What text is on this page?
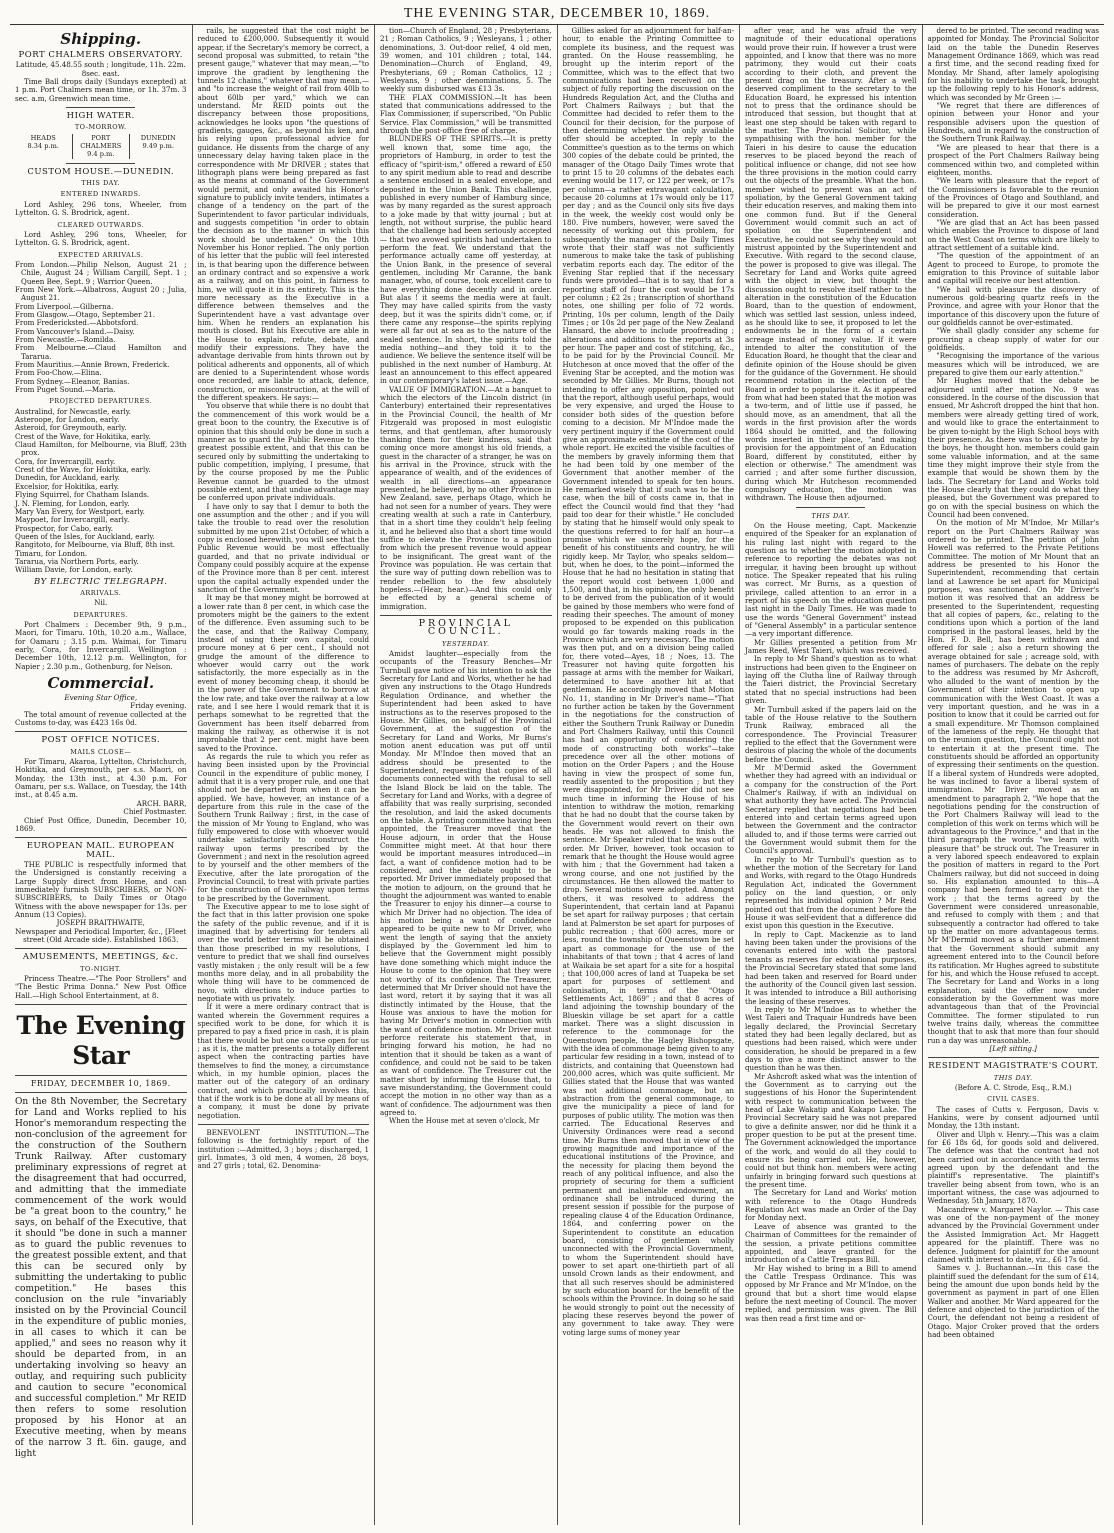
THE EVENING STAR, DECEMBER 10, 1869.
Shipping.
PORT CHALMERS OBSERVATORY.

Latitude, 45.48.55 south ; longitude, 11h. 22m. 8sec. east.

Time Ball drops daily (Sundays excepted) at 1 p.m. Port Chalmers mean time, or 1h. 37m. 3 sec. a.m, Greenwich mean time.

HIGH WATER.
TO-MORROW.
HEADS
8.34 p.m.
PORT CHALMERS
9.4 p.m.
DUNEDIN
9.49 p.m.
CUSTOM HOUSE.—DUNEDIN.
THIS DAY.
ENTERED INWARDS.

Lord Ashley, 296 tons, Wheeler, from Lyttelton. G. S. Brodrick, agent.

CLEARED OUTWARDS.

Lord Ashley, 296 tons, Wheeler, for Lyttelton. G. S. Brodrick, agent.

EXPECTED ARRIVALS.

From London.—Philip Nelson, August 21 ; Chile, August 24 ; William Cargill, Sept. 1 ; Queen Bee, Sept. 9 ; Warrior Queen.

From New York.—Albatross, August 20 ; Julia, August 21.

From Liverpool.—Gilberna.

From Glasgow.—Otago, September 21.

From Fredericksted.—Abbotsford.

From Vancouver's Island.—Daisy.

From Newcastle.—Romilda.

From Melbourne.—Claud Hamilton and Tararua.

From Mauritius.—Annie Brown, Frederick.

From Foo-Chow.—Elina.

From Sydney.—Eleanor, Banias.

From Puget Sound.—Maria.

PROJECTED DEPARTURES.

Australind, for Newcastle, early.

Asteroope, for London, early.

Asteroid, for Greymouth, early.

Crest of the Wave, for Hokitika, early.

Claud Hamilton, for Melbourne, via Bluff, 23th prox.

Cora, for Invercargill, early.

Crest of the Wave, for Hokitika, early.

Dunedin, for Auckland, early.

Excelsior, for Hokitika, early.

Flying Squirrel, for Chatham Islands.

J. N. Fleming, for London, early.

Mary Van Every, for Westport, early.

Maypoet, for Invercargill, early.

Prospector, for Cabo, early.

Queen of the Isles, for Auckland, early.

Rangitoto, for Melbourne, via Bluff, 8th inst.

Timaru, for London.

Tararua, via Northern Ports, early.

William Davie, for London, early.

BY ELECTRIC TELEGRAPH.
ARRIVALS.

Nil.

DEPARTURES.

Port Chalmers : December 9th, 9 p.m., Maori, for Timaru. 10th, 10.20 a.m., Wallace, for Oamaru ; 3.15 p.m. Waimai, for Timaru early, Cora, for Invercargill. Wellington : December 10th, 12.12 p.m. Wellington, for Napier ; 2.30 p.m., Gothenburg, for Nelson.

Commercial.

Evening Star Office,

Friday evening.

The total amount of revenue collected at the Customs to-day, was £423 16s 0d.

POST OFFICE NOTICES.
MAILS CLOSE—

For Timaru, Akaroa, Lyttelton, Christchurch, Hokitika, and Greymouth, per s.s. Maori, on Monday, the 13th inst., at 4.30 p.m. For Oamaru, per s.s. Wallace, on Tuesday, the 14th inst., at 8.45 a.m.

ARCH. BARR,

Chief Postmaster.

Chief Post Office, Dunedin, December 10, 1869.

EUROPEAN MAIL. EUROPEAN MAIL.

THE PUBLIC is respectfully informed that the Undersigned is constantly receiving a Large Supply direct from Home, and can immediately furnish SUBSCRIBERS, or NON-SUBSCRIBERS, to Daily Times or Otago Witness with the above newspaper for 13s. per Annum (13 Copies).

JOSEPH BRAITHWAITE,

Newspaper and Periodical Importer, &c., [Fleet street (Old Arcade side). Established 1863.

AMUSEMENTS, MEETINGS, &c.
TO-NIGHT.

Princess Theatre.—"The Poor Strollers" and "The Bestic Prima Donna." New Post Office Hall.—High School Entertainment, at 8.

The Evening Star
FRIDAY, DECEMBER 10, 1869.

On the 8th November, the Secretary for Land and Works replied to his Honor's memorandum respecting the non-conclusion of the agreement for the construction of the Southern Trunk Railway. After customary preliminary expressions of regret at the disagreement that had occurred, and admitting that the immediate commencement of the work would be "a great boon to the country," he says, on behalf of the Executive, that it should "be done in such a manner as to guard the public revenues to the greatest possible extent, and that this can be secured only by submitting the undertaking to public competition." He bases this conclusion on the rule "invariably insisted on by the Provincial Council in the expenditure of public monies, in all cases to which it can be applied," and sees no reason why it should be departed from, in an undertaking involving so heavy an outlay, and requiring such publicity and caution to secure "economical and successful completion." Mr REID then refers to some resolution proposed by his Honor at an Executive meeting, when by means of the narrow 3 ft. 6in. gauge, and light

rails, he suggested that the cost might be reduced to £200,000. Subsequently it would appear, if the Secretary's memory be correct, a second proposal was submitted, to retain "the present gauge," whatever that may mean,—"to improve the gradient by lengthening the tunnels 12 chains," whatever that may mean,—and "to increase the weight of rail from 40lb to about 60lb per yard," which we can understand. Mr REID points out the discrepancy between those propositions, acknowledges he looks upon "the questions of gradients, gauges, &c., as beyond his ken, and his relying upon professional advice for guidance. He dissents from the charge of any unnecessary delay having taken place in the correspondence with Mr DRIVER ; states that lithograph plans were being prepared as fast as the means at command of the Government would permit, and only awaited his Honor's signature to publicly invite tenders, intimates a change of a tendency on the part of the Superintendent to favor particular individuals, and suggests competition "in order to obtain the decision as to the manner in which this work should be undertaken." On the 10th November his Honor replied. The only portion of his letter that the public will feel interested in, is that bearing upon the difference between an ordinary contract and so expensive a work as a railway, and on this point, in fairness to him, we will quote it in its entirety. This is the more necessary as the Executive in a difference between themselves and the Superintendent have a vast advantage over him. When he renders an explanation his mouth is closed. But his Executive are able in the House to explain, refute, debate, and modify their expressions. They have the advantage derivable from hints thrown out by political adherents and opponents, all of which are denied to a Superintendent whose words once recorded, are liable to attack, defence, construction, or misconstruction, at the will of the different speakers. He says:—

You observe that while there is no doubt that the commencement of this work would be a great boon to the country, the Executive is of opinion that this should only be done in such a manner as to guard the Public Revenue to the greatest possible extent, and that this can be secured only by submitting the undertaking to public competition, implying, I presume, that by the course proposed by me the Public Revenue cannot be guarded to the utmost possible extent, and that undue advantage may be conferred upon private individuals.

I have only to say that I demur to both the one assumption and the other ; and if you will take the trouble to read over the resolution submitted by me upon 21st October, of which a copy is enclosed herewith, you will see that the Public Revenue would be most effectually guarded, and that no private individual or Company could possibly acquire at the expense of the Province more than 8 per cent. interest upon the capital actually expended under the sanction of the Government.

It may be that money might be borrowed at a lower rate than 8 per cent, in which case the promoters might be the gainers to the extent of the difference. Even assuming such to be the case, and that the Railway Company, instead of using their own capital, could procure money at 6 per cent., I should not grudge the amount of the difference to whoever would carry out the work satisfactorily, the more especially as in the event of money becoming cheap, it should be in the power of the Government to borrow at the low rate, and take over the railway at a low rate, and I see here I would remark that it is perhaps somewhat to be regretted that the Government has been itself debarred from making the railway, as otherwise it is not improbable that 2 per cent. might have been saved to the Province.

As regards the rule to which you refer as having been insisted upon by the Provincial Council in the expenditure of public money, I admit that it is a very proper rule, and one that should not be departed from when it can be applied. We have, however, an instance of a departure from this rule in the case of the Southern Trunk Railway ; first, in the case of the mission of Mr Young to England, who was fully empowered to close with whoever would undertake satisfactorily to construct the railway upon terms prescribed by the Government ; and next in the resolution agreed to by yourself and the other members of the Executive, after the late prorogation of the Provincial Council, to treat with private parties for the construction of the railway upon terms to be prescribed by the Government.

The Executive appear to me to lose sight of the fact that in this latter provision one spoke the safety of the public revenue, and if it is imagined that by advertising for tenders all over the world better terms will be obtained than those prescribed in my resolutions, I venture to predict that we shall find ourselves vastly mistaken ; the only result will be a few months more delay, and in all probability the whole thing will have to be commenced de novo, with directions to induce parties to negotiate with us privately.

If it were a mere ordinary contract that is wanted wherein the Government requires a specified work to be done, for which it is prepared to pay a fixed price in cash, it is plain that there would be but one course open for us ; as it is, the matter presents a totally different aspect when the contracting parties have themselves to find the money, a circumstance which, in my humble opinion, places the matter out of the category of an ordinary contract, and which practically involves this, that if the work is to be done at all by means of a company, it must be done by private negotiation.

BENEVOLENT INSTITUTION.—The following is the fortnightly report of the institution :—Admitted, 3 ; boys ; discharged, 1 girl. Inmates, 3 old men, 4 women, 28 boys, and 27 girls ; total, 62. Denomina-

tion—Church of England, 28 ; Presbyterians, 21 ; Roman Catholics, 9 ; Wesleyans, 1 ; other denominations, 3. Out-door relief, 4 old men, 39 women, and 101 children ; total, 144. Denomination—Church of England, 49, Presbyterians, 69 ; Roman Catholics, 12 ; Wesleyans, 9 ; other denominations, 5. The weekly sum disbursed was £13 3s.

THE FLAX COMMISSION.—It has been stated that communications addressed to the Flax Commissioner, if superscribed, "On Public Service. Flax Commission," will be transmitted through the post-office free of charge.

BLUNDERS OF THE SPIRITS.—It is pretty well known that, some time ago, the proprietors of Hamburg, in order to test the efficacy of "spirit-ism," offered a reward of £50 to any spirit medium able to read and describe a sentence enclosed in a sealed envelope, and deposited in the Union Bank. This challenge, published in every number of Hamburg since, was by many regarded as the surest approach to a joke made by that witty journal ; but at length, not without surprise, the public heard that the challenge had been seriously accepted — that two avowed spiritists had undertaken to perform the feat. We understand that the performance actually came off yesterday, at the Union Bank, in the presence of several gentlemen, including Mr Caranne, the bank manager, who, of course, took excellent care to have everything done decently and in order. But alas ! it seems the media were at fault. They may have called spirits from the vasty deep, but it was the spirits didn't come, or, if there came any response—the spirits replying were all far out at sea as to the nature of the sealed sentence. In short, the spirits told the media nothing—and they told it to the audience. We believe the sentence itself will be published in the next number of Hamburg. At least an announcement to this effect appeared in our contemporary's latest issue.—Age.

VALUE OF IMMIGRATION.—At a banquet to which the electors of the Lincoln district (in Canterbury) entertained their representatives in the Provincial Council, the health of Mr Fitzgerald was proposed in most eulogistic terms, and that gentleman, after humorously thanking them for their kindness, said that coming once more amongst his old friends, a guest in the character of a stranger, he was on his arrival in the Province, struck with the appearance of wealth, and of the evidences of wealth in all directions—an appearance presented, he believed, by no other Province in New Zealand, save, perhaps Otago, which he had not seen for a number of years. They were creating wealth at such a rate in Canterbury, that in a short time they couldn't help feeling it, and he believed also that a short time would suffice to elevate the Province to a position from which the present revenue would appear to be insignificant. The great want of the Province was population. He was certain that the sure way of putting down rebellion was to render rebellion to the few absolutely hopeless.—(Hear, hear.)—And this could only be effected by a general scheme of immigration.

PROVINCIAL COUNCIL.
YESTERDAY.

Amidst laughter—especially from the occupants of the Treasury Benches—Mr Turnbull gave notice of his intention to ask the Secretary for Land and Works, whether he had given any instructions to the Otago Hundreds Regulation Ordinance, and whether the Superintendent had been asked to have instructions as to the reserves proposed to the House. Mr Gillies, on behalf of the Provincial Government, at the suggestion of the Secretary for Land and Works, Mr Burns's motion anent education was put off until Monday. Mr M'Indoe then moved that an address should be presented to the Superintendent, requesting that copies of all documents connected with the refusal to sell the Island Block be laid on the table. The Secretary for Land and Works, with a degree of affability that was really surprising, seconded the resolution, and laid the asked documents on the table. A printing committee having been appointed, the Treasurer moved that the House adjourn, in order that the House Committee might meet. At that hour there would be important measures introduced—in fact, a want of confidence motion had to be considered, and the debate ought to be reported. Mr Driver immediately proposed that the motion to adjourn, on the ground that he thought the adjournment was wanted to enable the Treasurer to enjoy his dinner—a course to which Mr Driver had no objection. The idea of his motion being a want of confidence appeared to be quite new to Mr Driver, who went the length of saying that the anxiety displayed by the Government led him to believe that the Government might possibly have done something which might induce the House to come to the opinion that they were not worthy of its confidence. The Treasurer, determined that Mr Driver should not have the last word, retort it by saying that it was all distinctly intimated by the House, that the House was anxious to have the motion for having Mr Driver's motion in connection with the want of confidence motion. Mr Driver must perforce reiterate his statement that, in bringing forward his motion, he had no intention that it should be taken as a want of confidence, and could not be said to be taken as want of confidence. The Treasurer cut the matter short by informing the House that, to save misunderstanding, the Government could accept the motion in no other way than as a want of confidence. The adjournment was then agreed to.

When the House met at seven o'clock, Mr

Gillies asked for an adjournment for half-an-hour, to enable the Printing Committee to complete its business, and the request was granted. On the House reassembling, he brought up the interim report of the Committee, which was to the effect that two communications had been received on the subject of fully reporting the discussion on the Hundreds Regulation Act, and the Clutha and Port Chalmers Railways ; but that the Committee had decided to refer them to the Council for their decision, for the purpose of then determining whether the only available offer should be accepted. In reply to the Committee's question as to the terms on which 300 copies of the debate could be printed, the manager of the Otago Daily Times wrote that to print 15 to 20 columns of the debates each evening would be 117, or 122 per week, or 17s per column—a rather extravagant calculation, because 20 columns at 17s would only be 117 per day ; and as the Council only sits five days in the week, the weekly cost would only be 180. Five numbers, however, were saved the necessity of working out this problem, for subsequently the manager of the Daily Times wrote that their staff was not sufficiently numerous to make take the task of publishing verbatim reports each day. The editor of the Evening Star replied that if the necessary funds were provided—that is to say, that for a reporting staff of four the cost would be 17s per column ; £2 2s ; transcription of shorthand notes, one shilling per folio of 72 words. Printing, 10s per column, length of the Daily Times ; or 10s 2d per page of the New Zealand Hansard, the above to include proofreading ; alterations and additions to the reports at 3s per hour. The paper and cost of stitching, &c., to be paid for by the Provincial Council. Mr Hutcheson at once moved that the offer of the Evening Star be accepted, and the motion was seconded by Mr Gillies. Mr Burns, though not intending to offer any opposition, pointed out that the report, although useful perhaps, would be very expensive, and urged the House to consider both sides of the question before coming to a decision. Mr M'Indoe made the very pertinent inquiry if the Government could give an approximate estimate of the cost of the whole report. He excited the visible faculties of the members by gravely informing them that he had been told by one member of the Government that another member of the Government intended to speak for ten hours. He remarked wisely that if such was to be the case, when the bill of costs came in, that in effect the Council would find that they "had paid too dear for their whistle." He concluded by stating that he himself would only speak to the questions referred to for half an hour—a promise which we sincerely hope, for the benefit of his constituents and country, he will rigidly keep. Mr Taylor, who speaks seldom—but, when he does, to the point—informed the House that he had no hesitation in stating that the report would cost between 1,000 and 1,500, and that, in his opinion, the only benefit to be derived from the publication of it would be gained by those members who were fond of reading their speeches. The amount of money proposed to be expended on this publication would go far towards making roads in the Province which are very necessary. The motion was then put, and on a division being called for, there voted—Ayes, 18 ; Noes, 13. The Treasurer not having quite forgotten his passage at arms with the member for Waikari, determined to have another hit at that gentleman. He accordingly moved that Motion No. 11, standing in Mr Driver's name—"That no further action be taken by the Government in the negotiations for the construction of either the Southern Trunk Railway or Dunedin and Port Chalmers Railway, until this Council has had an opportunity of considering the mode of constructing both works"—take precedence over all the other motions of motion on the Order Papers ; and the House having in view the prospect of some fun, readily assented to the proposition ; but they were disappointed, for Mr Driver did not see much time in informing the House of his intention to withdraw the motion, remarking that he had no doubt that the course taken by the Government would revert on their own heads. He was not allowed to finish the sentence. Mr Speaker ruled that he was out of order. Mr Driver, however, took occasion to remark that he thought the House would agree with him ; that the Government had taken a wrong course, and one not justified by the circumstances. He then allowed the matter to drop. Several motions were adopted. Amongst others, it was resolved to address the Superintendent, that certain land at Papanui be set apart for railway purposes ; that certain land at Palmerston be set apart for purposes of public recreation ; that 600 acres, more or less, round the township of Queenstown be set apart as commonage for the use of the inhabitants of that town ; that 4 acres of land at Waikaia be set apart for a site for a hospital ; that 100,000 acres of land at Tuapeka be set apart for purposes of settlement and colonisation, in terms of the "Otago Settlements Act, 1869" ; and that 8 acres of land adjoining the township boundary of the Blueskin village be set apart for a cattle market. There was a slight discussion in reference to the commonage for the Queenstown people, the Hagley Bishopsgate, with the idea of commonage being given to any particular few residing in a town, instead of to districts, and containing that Queenstown had 200,000 acres, which was quite sufficient. Mr Gillies stated that the House that was wanted was not additional commonage, but an abstraction from the general commonage, to give the municipality a piece of land for purposes of public utility. The motion was then carried. The Educational Reserves and University Ordinances were read a second time. Mr Burns then moved that in view of the growing magnitude and importance of the educational institutions of the Province, and the necessity for placing them beyond the reach of any political influence, and also the propriety of securing for them a sufficient permanent and inalienable endowment, an ordinance shall be introduced during the present session if possible for the purpose of repealing clause 4 of the Education Ordinance, 1864, and conferring power on the Superintendent to constitute an education board, consisting of gentlemen wholly unconnected with the Provincial Government, to whom the Superintendent should have power to set apart one-thirtieth part of all unsold Crown lands as their endowment, and that all such reserves should be administered by such education board for the benefit of the schools within the Province. In doing so he said he would strongly to point out the necessity of placing these reserves beyond the power of any government to take away. They were voting large sums of money year

after year, and he was afraid the very magnitude of their educational operations would prove their ruin. If however a trust were appointed, and I know that there was no more patrimony, they would cut their coats according to their cloth, and prevent the present drag on the treasury. After a well deserved compliment to the secretary to the Education Board, he expressed his intention not to press that the ordinance should be introduced that session, but thought that at least one step should be taken with regard to the matter. The Provincial Solicitor, while sympathising with the hon. member for the Taieri in his desire to cause the education reserves to be placed beyond the reach of political influence or change, did not see how the three provisions in the motion could carry out the objects of the preamble. What the hon. member wished to prevent was an act of spoliation, by the General Government taking their education reserves, and making them into one common fund. But if the General Government would commit such an act of spoliation on the Superintendent and Executive, he could not see why they would not mistrust appointed by the Superintendent and Executive. With regard to the second clause, the power is proposed to give was illegal. The Secretary for Land and Works quite agreed with the object in view, but thought the discussion ought to resolve itself rather to the alteration in the constitution of the Education Board, than to the question of endowment, which was settled last session, unless indeed, as he should like to see, it proposed to let the endowments be in the form of a certain acreage instead of money value. If it were intended to alter the constitution of the Education Board, he thought that the clear and definite opinion of the House should be given for the guidance of the Government. He should recommend rotation in the election of the Board in order to popularise it. As it appeared from what had been stated that the motion was a two-term, and of little use if passed, he should move, as an amendment, that all the words in the first provision after the words 1864 should be omitted, and the following words inserted in their place, "and making provision for the appointment of an Education Board, different by constituted, either by election or otherwise." The amendment was carried ; and after some further discussion, during which Mr Hutcheson recommended compulsory education, the motion was withdrawn. The House then adjourned.

THIS DAY.

On the House meeting, Capt. Mackenzie enquired of the Speaker for an explanation of his ruling last night with regard to the question as to whether the motion adopted in reference to reporting the debates was not irregular, it having been brought up without notice. The Speaker repeated that his ruling was correct. Mr Burns, as a question of privilege, called attention to an error in a report of his speech on the education question last night in the Daily Times. He was made to use the words "General Government" instead of "General Assembly" in a particular sentence—a very important difference.

Mr Gillies presented a petition from Mr James Reed, West Taieri, which was received.

In reply to Mr Shand's question as to what instructions had been given to the Engineer on laying off the Clutha line of Railway through the Taieri district, the Provincial Secretary stated that no special instructions had been given.

Mr Turnbull asked if the papers laid on the table of the House relative to the Southern Trunk Railway, embraced all the correspondence. The Provincial Treasurer replied to the effect that the Government were desirous of placing the whole of the documents before the Council.

Mr M'Dermid asked the Government whether they had agreed with an individual or a company for the construction of the Port Chalmer's Railway, if with an individual on what authority they have acted. The Provincial Secretary replied that negotiations had been entered into and certain terms agreed upon between the Government and the contractor alluded to, and if those terms were carried out the Government would submit them for the Council's approval.

In reply to Mr Turnbull's question as to whether the motion of the Secretary for Land and Works, with regard to the Otago Hundreds Regulation Act, indicated the Government policy on the land question, or only represented his individual opinion ? Mr Reid pointed out that from the document before the House it was self-evident that a difference did exist upon this question in the Executive.

In reply to Capt. Mackenzie as to land having been taken under the provisions of the covenants entered into with the pastoral tenants as reserves for educational purposes, the Provincial Secretary stated that some land had been taken and reserved for Board under the authority of the Council given last session. It was intended to introduce a Bill authorising the leasing of these reserves.

In reply to Mr M'Indoe as to whether the West Taieri and Traquair Hundreds have been legally declared, the Provincial Secretary stated they had been legally declared, but as questions had been raised, which were under consideration, he should be prepared in a few days to give a more distinct answer to the question than he was then.

Mr Ashcroft asked what was the intention of the Government as to carrying out the suggestions of his Honor the Superintendent with respect to communication between the head of Lake Wakatip and Kakapo Lake. The Provincial Secretary said he was not prepared to give a definite answer, nor did he think it a proper question to be put at the present time. The Government acknowledged the importance of the work, and would do all they could to ensure its being carried out. He, however, could not but think hon. members were acting unfairly in bringing forward such questions at the present time.

The Secretary for Land and Works' motion with reference to the Otago Hundreds Regulation Act was made an Order of the Day for Monday next.

Leave of absence was granted to the Chairman of Committees for the remainder of the session, a private petitions committee appointed, and leave granted for the introduction of a Cattle Trespass Bill.

Mr Hay wished to bring in a Bill to amend the Cattle Trespass Ordinance. This was opposed by Mr France and Mr M'Indoe, on the ground that but a short time would elapse before the next meeting of Council. The mover replied, and permission was given. The Bill was then read a first time and or-

dered to be printed. The second reading was appointed for Monday. The Provincial Solicitor laid on the table the Dunedin Reserves Management Ordinance 1869, which was read a first time, and the second reading fixed for Monday. Mr Shand, after lamely apologising for his inability to undertake the task, brought up the following reply to his Honor's address, which was seconded by Mr Green :—

"We regret that there are differences of opinion between your Honor and your responsible advisers upon the question of Hundreds, and in regard to the construction of the Southern Trunk Railway.

"We are pleased to hear that there is a prospect of the Port Chalmers Railway being commenced within two, and completed within eighteen, months.

"We learn with pleasure that the report of the Commissioners is favorable to the reunion of the Provinces of Otago and Southland, and will be prepared to give it our most earnest consideration.

"We are glad that an Act has been passed which enables the Province to dispose of land on the West Coast on terms which are likely to attract settlement of a suitable kind.

"The question of the appointment of an Agent to proceed to Europe, to promote the emigration to this Province of suitable labor and capital will receive our best attention.

"We hail with pleasure the discovery of numerous gold-bearing quartz reefs in the Province, and agree with your Honor that the importance of this discovery upon the future of our goldfields cannot be over-estimated.

"We shall gladly consider any scheme for procuring a cheap supply of water for our goldfields.

"Recognising the importance of the various measures which will be introduced, we are prepared to give them our early attention."

Mr Hughes moved that the debate be adjourned until after motion No. 9 was considered. In the course of the discussion that ensued, Mr Ashcroft dropped the hint that hon. members were already getting tired of work, and would like to grace the entertainment to be given to-night by the High School boys with their presence. As there was to be a debate by the boys, he thought hon. members could gain some valuable information, and at the same time they might improve their style from the example that would be shown them by the lads. The Secretary for Land and Works told the House clearly that they could do what they pleased, but the Government was prepared to go on with the special business on which the Council had been convened.

On the motion of Mr M'Indoe, Mr Millar's report on the Port Chalmers Railway was ordered to be printed. The petition of John Howell was referred to the Private Petitions Committee. The motion of Mr Mount that an address be presented to his Honor the Superintendent, recommending that certain land at Lawrence be set apart for Municipal purposes, was sanctioned. On Mr Driver's motion it was resolved that an address be presented to the Superintendent, requesting that all copies of papers, &c., relating to the conditions upon which a portion of the land comprised in the pastoral leases, held by the Hon. F. D. Bell, has been withdrawn and offered for sale ; also a return showing the average obtained for sale ; acreage sold, with names of purchasers. The debate on the reply to the address was resumed by Mr Ashcroft, who alluded to the want of mention by the Government of their intention to open up communication with the West Coast. It was a very important question, and he was in a position to know that it could be carried out for a small expenditure. Mr Thomson complained of the lameness of the reply. He thought that on the reunion question, the Council ought not to entertain it at the present time. The constituents should be afforded an opportunity of expressing their sentiments on the question. If a liberal system of Hundreds were adopted, he was inclined to favor a liberal system of immigration. Mr Driver moved as an amendment to paragraph 2, "We hope that the negotiations pending for the construction of the Port Chalmers Railway will lead to the completion of this work on terms which will be advantageous to the Province," and that in the third paragraph the words "we learn with pleasure that" be struck out. The Treasurer in a very labored speech endeavored to explain the position of matters in regard to the Port Chalmers railway, but did not succeed in doing so. His explanation amounted to this—A company had been formed to carry out the work ; that the terms agreed by the Government were considered unreasonable, and refused to comply with them ; and that subsequently a contractor had offered to take up the matter on more advantageous terms. Mr M'Dermid moved as a further amendment that the Government should submit any agreement entered into to the Council before its ratification. Mr Hughes agreed to substitute for his, and which the House refused to accept. The Secretary for Land and Works in a long explanation, said the offer now under consideration by the Government was more advantageous than that of the Provincial Committee. The former stipulated to run twelve trains daily, whereas the committee thought that to ask that more than four should run a day was unreasonable.

[Left sitting.]

RESIDENT MAGISTRATE'S COURT.
THIS DAY.

(Before A. C. Strode, Esq., R.M.)

CIVIL CASES.

The cases of Cutts v. Ferguson, Davis v. Hankins, were by consent adjourned until Monday, the 13th instant.

Oliver and Ulph v. Henry.—This was a claim for £6 18s 6d, for goods sold and delivered. The defence was that the contract had not been carried out in accordance with the terms agreed upon by the defendant and the plaintiff's representative. The plaintiff's traveller being absent from town, who is an important witness, the case was adjourned to Wednesday, 5th January, 1870.

Macandrew v. Margaret Naylor. — This case was one of the non-payment of the money advanced by the Provincial Government under the Assisted Immigration Act. Mr Haggett appeared for the plaintiff. There was no defence. Judgment for plaintiff for the amount claimed with interest to date, viz., £6 17s 6d.

Sames v. J. Buchannan.—In this case the plaintiff sued the defendant for the sum of £14, being the amount due upon bonds held by the government as payment in part of one Ellen Walker and another. Mr Ward appeared for the defence and objected to the jurisdiction of the Court, the defendant not being a resident of Otago. Major Croker proved that the orders had been obtained
